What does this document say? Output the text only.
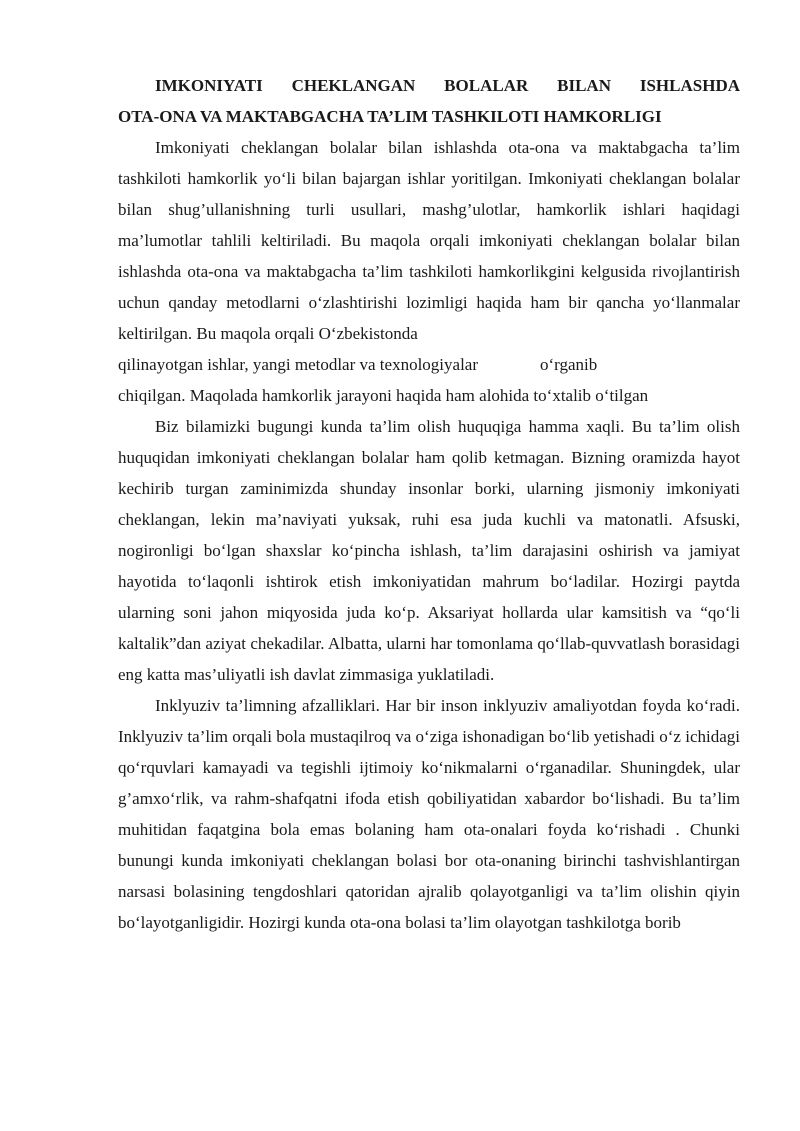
IMKONIYATI CHEKLANGAN BOLALAR BILAN ISHLASHDA
OTA-ONA VA MAKTABGACHA TA’LIM TASHKILOTI HAMKORLIGI

Imkoniyati cheklangan bolalar bilan ishlashda ota-ona va maktabgacha ta’lim tashkiloti hamkorlik yo‘li bilan bajargan ishlar yoritilgan. Imkoniyati cheklangan bolalar bilan shug’ullanishning turli usullari, mashg’ulotlar, hamkorlik ishlari haqidagi ma’lumotlar tahlili keltiriladi. Bu maqola orqali imkoniyati cheklangan bolalar bilan ishlashda ota-ona va maktabgacha ta’lim tashkiloti hamkorlikgini kelgusida rivojlantirish uchun qanday metodlarni o‘zlashtirishi lozimligi haqida ham bir qancha yo‘llanmalar keltirilgan. Bu maqola orqali O‘zbekistonda

qilinayotgan ishlar, yangi metodlar va texnologiyalar	o‘rganib
chiqilgan. Maqolada hamkorlik jarayoni haqida ham alohida to‘xtalib o‘tilgan

Biz bilamizki bugungi kunda ta’lim olish huquqiga hamma xaqli. Bu ta’lim olish huquqidan imkoniyati cheklangan bolalar ham qolib ketmagan. Bizning oramizda hayot kechirib turgan zaminimizda shunday insonlar borki, ularning jismoniy imkoniyati cheklangan, lekin ma’naviyati yuksak, ruhi esa juda kuchli va matonatli. Afsuski, nogironligi bo‘lgan shaxslar ko‘pincha ishlash, ta’lim darajasini oshirish va jamiyat hayotida to‘laqonli ishtirok etish imkoniyatidan mahrum bo‘ladilar. Hozirgi paytda ularning soni jahon miqyosida juda ko‘p. Aksariyat hollarda ular kamsitish va “qo‘li kaltalik”dan aziyat chekadilar. Albatta, ularni har tomonlama qo‘llab-quvvatlash borasidagi eng katta mas’uliyatli ish davlat zimmasiga yuklatiladi.

Inklyuziv ta’limning afzalliklari. Har bir inson inklyuziv amaliyotdan foyda ko‘radi. Inklyuziv ta’lim orqali bola mustaqilroq va o‘ziga ishonadigan bo‘lib yetishadi o‘z ichidagi qo‘rquvlari kamayadi va tegishli ijtimoiy ko‘nikmalarni o‘rganadilar. Shuningdek, ular g’amxo‘rlik, va rahm-shafqatni ifoda etish qobiliyatidan xabardor bo‘lishadi. Bu ta’lim muhitidan faqatgina bola emas bolaning ham ota-onalari foyda ko‘rishadi . Chunki bunungi kunda imkoniyati cheklangan bolasi bor ota-onaning birinchi tashvishlantirgan narsasi bolasining tengdoshlari qatoridan ajralib qolayotganligi va ta’lim olishin qiyin bo‘layotganligidir. Hozirgi kunda ota-ona bolasi ta’lim olayotgan tashkilotga borib
